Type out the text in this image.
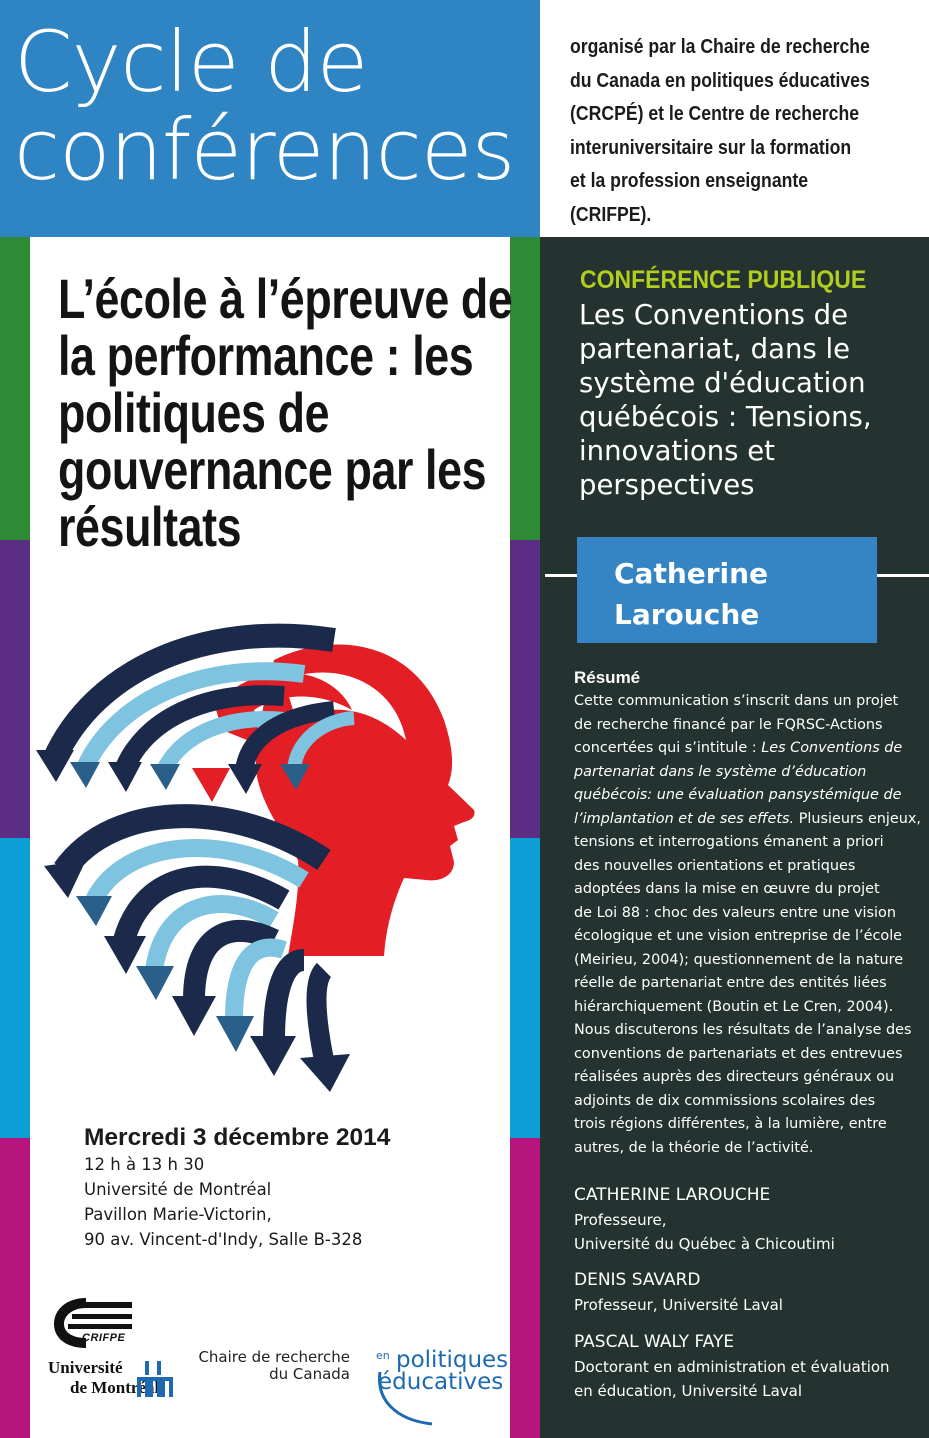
Cycle de
conférences
organisé par la Chaire de recherche
du Canada en politiques éducatives
(CRCPÉ) et le Centre de recherche
interuniversitaire sur la formation
et la profession enseignante
(CRIFPE).
L’école à l’épreuve de la performance : les politiques de gouvernance par les résultats
Mercredi 3 décembre 2014
12 h à 13 h 30
Université de Montréal
Pavillon Marie-Victorin,
90 av. Vincent-d'Indy, Salle B-328
CRIFPE
Université
de Montréal
Chaire de recherche
du Canada
en politiques
éducatives
CONFÉRENCE PUBLIQUE
Les Conventions de partenariat, dans le système d'éducation québécois : Tensions, innovations et perspectives
Catherine
Larouche
Résumé
Cette communication s’inscrit dans un projet
de recherche financé par le FQRSC-Actions
concertées qui s’intitule : Les Conventions de
partenariat dans le système d’éducation
québécois: une évaluation pansystémique de
l’implantation et de ses effets. Plusieurs enjeux,
tensions et interrogations émanent a priori
des nouvelles orientations et pratiques
adoptées dans la mise en œuvre du projet
de Loi 88 : choc des valeurs entre une vision
écologique et une vision entreprise de l’école
(Meirieu, 2004); questionnement de la nature
réelle de partenariat entre des entités liées
hiérarchiquement (Boutin et Le Cren, 2004).
Nous discuterons les résultats de l’analyse des
conventions de partenariats et des entrevues
réalisées auprès des directeurs généraux ou
adjoints de dix commissions scolaires des
trois régions différentes, à la lumière, entre
autres, de la théorie de l’activité.
CATHERINE LAROUCHE
Professeure,
Université du Québec à Chicoutimi
DENIS SAVARD
Professeur, Université Laval
PASCAL WALY FAYE
Doctorant en administration et évaluation
en éducation, Université Laval
